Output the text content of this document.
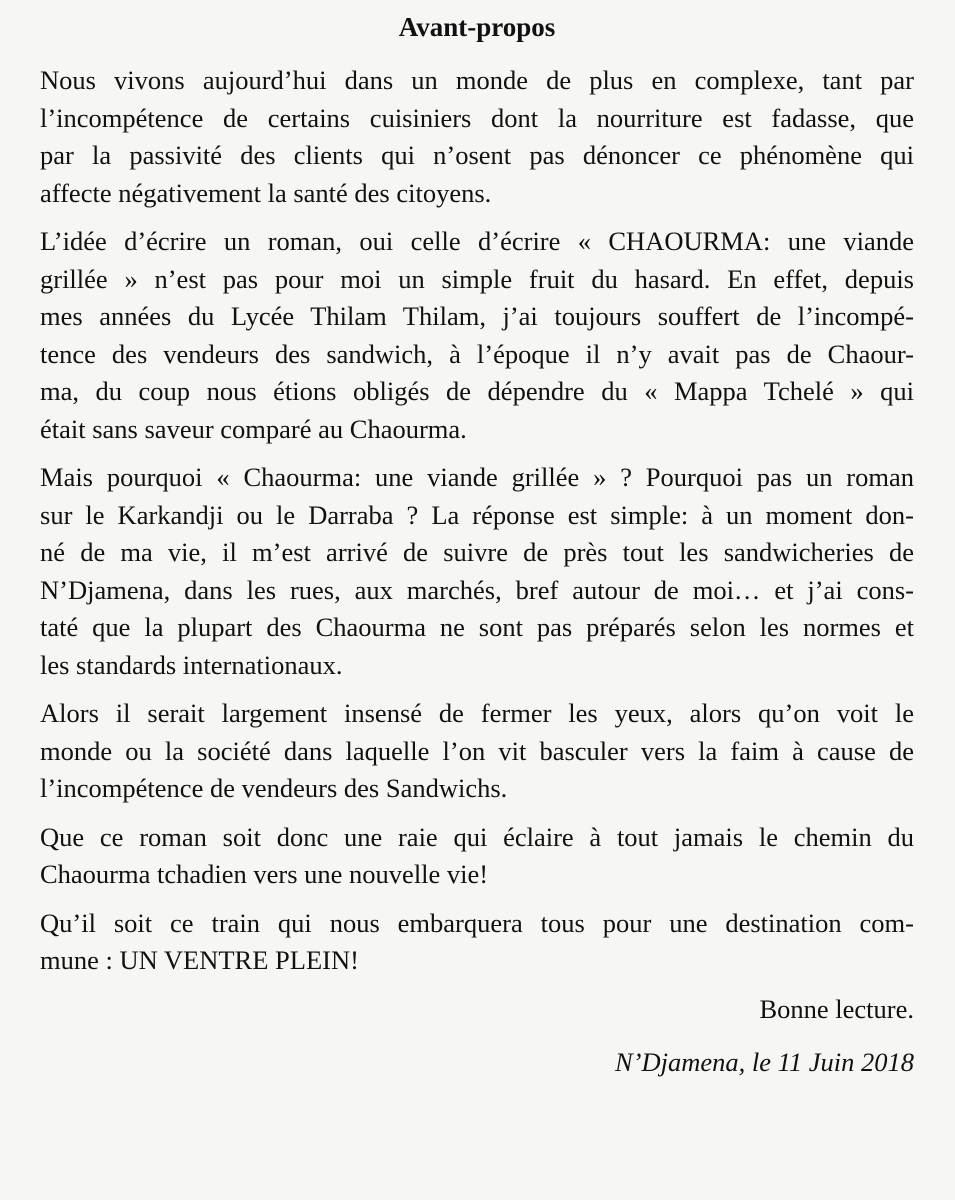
Avant-propos

Nous vivons aujourd’hui dans un monde de plus en complexe, tant par
l’incompétence de certains cuisiniers dont la nourriture est fadasse, que
par la passivité des clients qui n’osent pas dénoncer ce phénomène qui
affecte négativement la santé des citoyens.

L’idée d’écrire un roman, oui celle d’écrire « CHAOURMA: une viande
grillée » n’est pas pour moi un simple fruit du hasard. En effet, depuis
mes années du Lycée Thilam Thilam, j’ai toujours souffert de l’incompé-
tence des vendeurs des sandwich, à l’époque il n’y avait pas de Chaour-
ma, du coup nous étions obligés de dépendre du « Mappa Tchelé » qui
était sans saveur comparé au Chaourma.

Mais pourquoi « Chaourma: une viande grillée » ? Pourquoi pas un roman
sur le Karkandji ou le Darraba ? La réponse est simple: à un moment don-
né de ma vie, il m’est arrivé de suivre de près tout les sandwicheries de
N’Djamena, dans les rues, aux marchés, bref autour de moi… et j’ai cons-
taté que la plupart des Chaourma ne sont pas préparés selon les normes et
les standards internationaux.

Alors il serait largement insensé de fermer les yeux, alors qu’on voit le
monde ou la société dans laquelle l’on vit basculer vers la faim à cause de
l’incompétence de vendeurs des Sandwichs.

Que ce roman soit donc une raie qui éclaire à tout jamais le chemin du
Chaourma tchadien vers une nouvelle vie!

Qu’il soit ce train qui nous embarquera tous pour une destination com-
mune : UN VENTRE PLEIN!

Bonne lecture.
N’Djamena, le 11 Juin 2018
